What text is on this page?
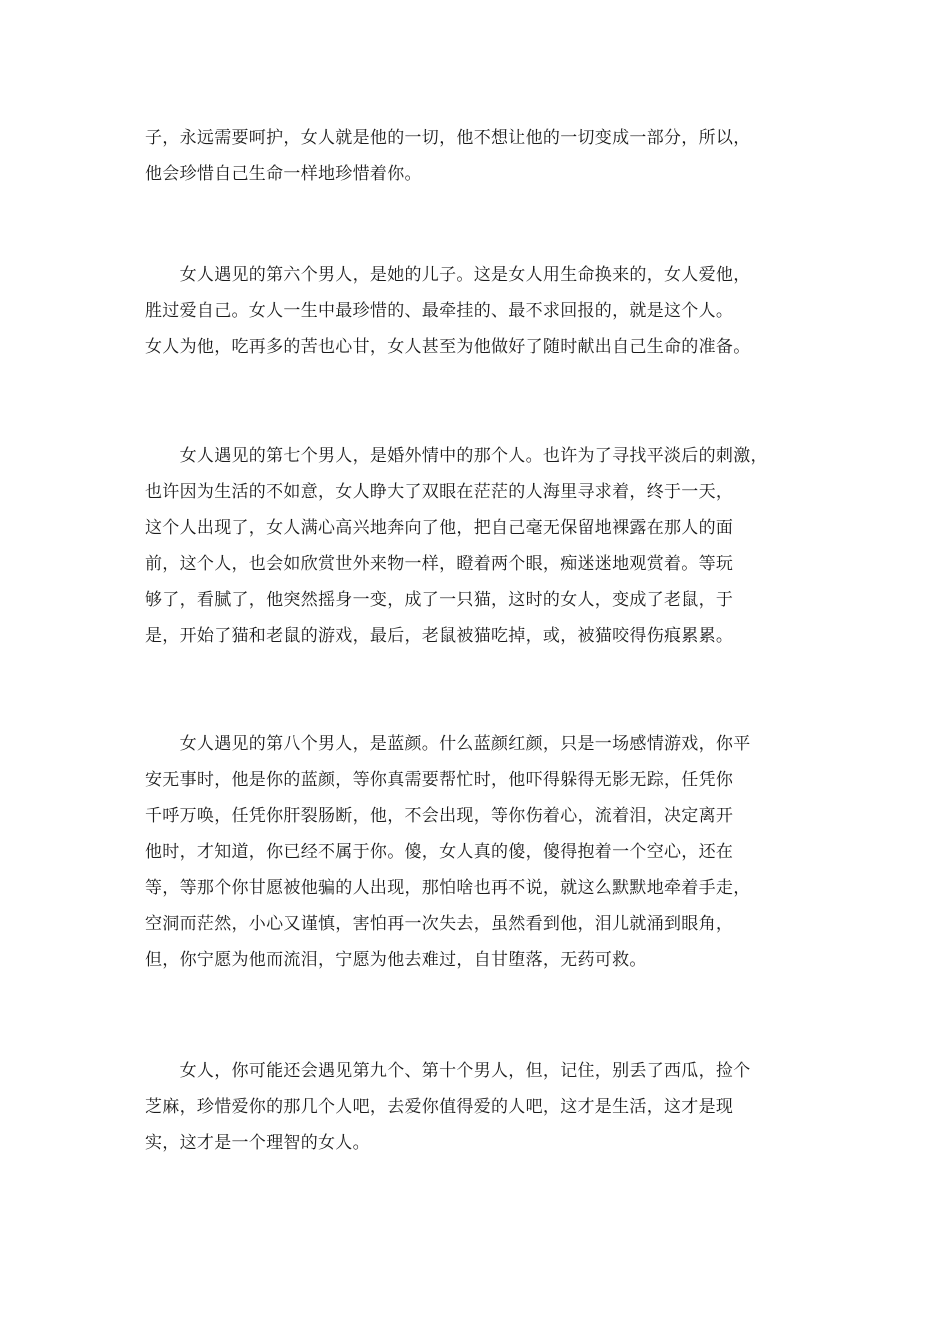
子，永远需要呵护，女人就是他的一切，他不想让他的一切变成一部分，所以，
他会珍惜自己生命一样地珍惜着你。
　　女人遇见的第六个男人，是她的儿子。这是女人用生命换来的，女人爱他，
胜过爱自己。女人一生中最珍惜的、最牵挂的、最不求回报的，就是这个人。
女人为他，吃再多的苦也心甘，女人甚至为他做好了随时献出自己生命的准备。
　　女人遇见的第七个男人，是婚外情中的那个人。也许为了寻找平淡后的刺激，
也许因为生活的不如意，女人睁大了双眼在茫茫的人海里寻求着，终于一天，
这个人出现了，女人满心高兴地奔向了他，把自己毫无保留地裸露在那人的面
前，这个人，也会如欣赏世外来物一样，瞪着两个眼，痴迷迷地观赏着。等玩
够了，看腻了，他突然摇身一变，成了一只猫，这时的女人，变成了老鼠，于
是，开始了猫和老鼠的游戏，最后，老鼠被猫吃掉，或，被猫咬得伤痕累累。
　　女人遇见的第八个男人，是蓝颜。什么蓝颜红颜，只是一场感情游戏，你平
安无事时，他是你的蓝颜，等你真需要帮忙时，他吓得躲得无影无踪，任凭你
千呼万唤，任凭你肝裂肠断，他，不会出现，等你伤着心，流着泪，决定离开
他时，才知道，你已经不属于你。傻，女人真的傻，傻得抱着一个空心，还在
等，等那个你甘愿被他骗的人出现，那怕啥也再不说，就这么默默地牵着手走，
空洞而茫然，小心又谨慎，害怕再一次失去，虽然看到他，泪儿就涌到眼角，
但，你宁愿为他而流泪，宁愿为他去难过，自甘堕落，无药可救。
　　女人，你可能还会遇见第九个、第十个男人，但，记住，别丢了西瓜，捡个
芝麻，珍惜爱你的那几个人吧，去爱你值得爱的人吧，这才是生活，这才是现
实，这才是一个理智的女人。
